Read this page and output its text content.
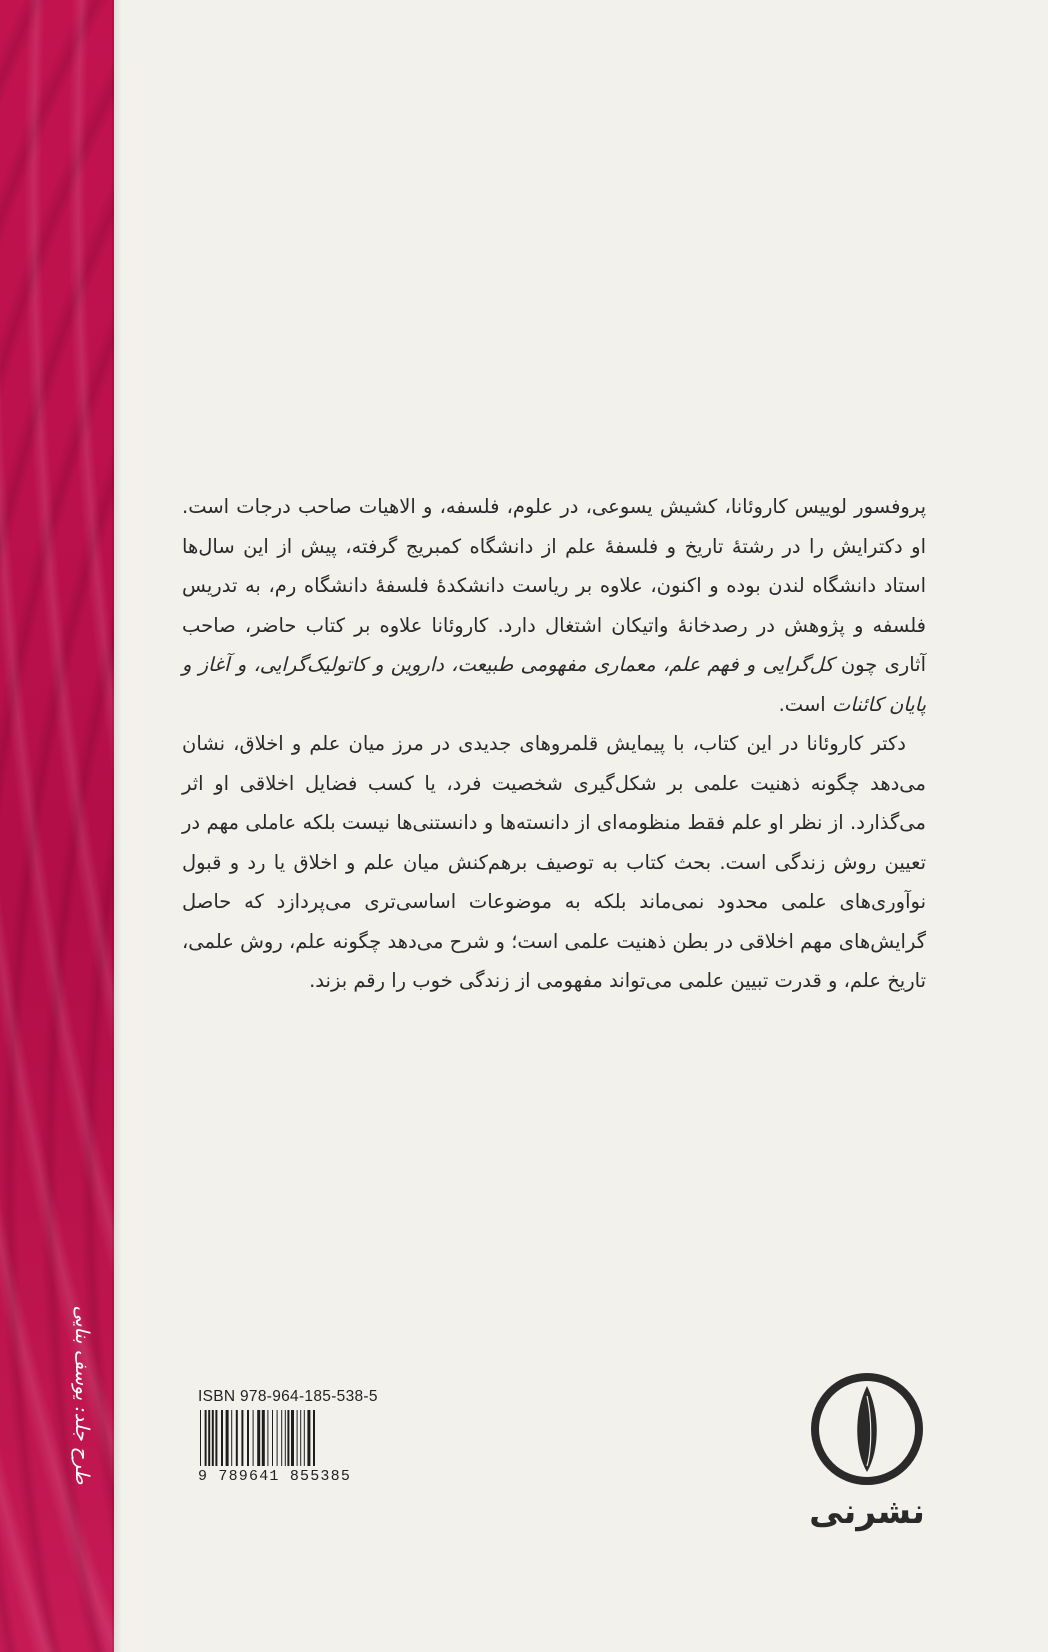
طرح جلد: یوسف بنایی

پروفسور لوییس کاروئانا، کشیش یسوعی، در علوم، فلسفه، و الاهیات صاحب درجات است. او دکترایش را در رشتهٔ تاریخ و فلسفهٔ علم از دانشگاه کمبریج گرفته، پیش از این سال‌ها استاد دانشگاه لندن بوده و اکنون، علاوه بر ریاست دانشکدهٔ فلسفهٔ دانشگاه رم، به تدریس فلسفه و پژوهش در رصدخانهٔ واتیکان اشتغال دارد. کاروئانا علاوه بر کتاب حاضر، صاحب آثاری چون کل‌گرایی و فهم علم، معماری مفهومی طبیعت، داروین و کاتولیک‌گرایی، و آغاز و پایان کائنات است.

دکتر کاروئانا در این کتاب، با پیمایش قلمروهای جدیدی در مرز میان علم و اخلاق، نشان می‌دهد چگونه ذهنیت علمی بر شکل‌گیری شخصیت فرد، یا کسب فضایل اخلاقی او اثر می‌گذارد. از نظر او علم فقط منظومه‌ای از دانسته‌ها و دانستنی‌ها نیست بلکه عاملی مهم در تعیین روش زندگی است. بحث کتاب به توصیف برهم‌کنش میان علم و اخلاق یا رد و قبول نوآوری‌های علمی محدود نمی‌ماند بلکه به موضوعات اساسی‌تری می‌پردازد که حاصل گرایش‌های مهم اخلاقی در بطن ذهنیت علمی است؛ و شرح می‌دهد چگونه علم، روش علمی، تاریخ علم، و قدرت تبیین علمی می‌تواند مفهومی از زندگی خوب را رقم بزند.

ISBN 978-964-185-538-5
9 789641 855385
نشرنی
